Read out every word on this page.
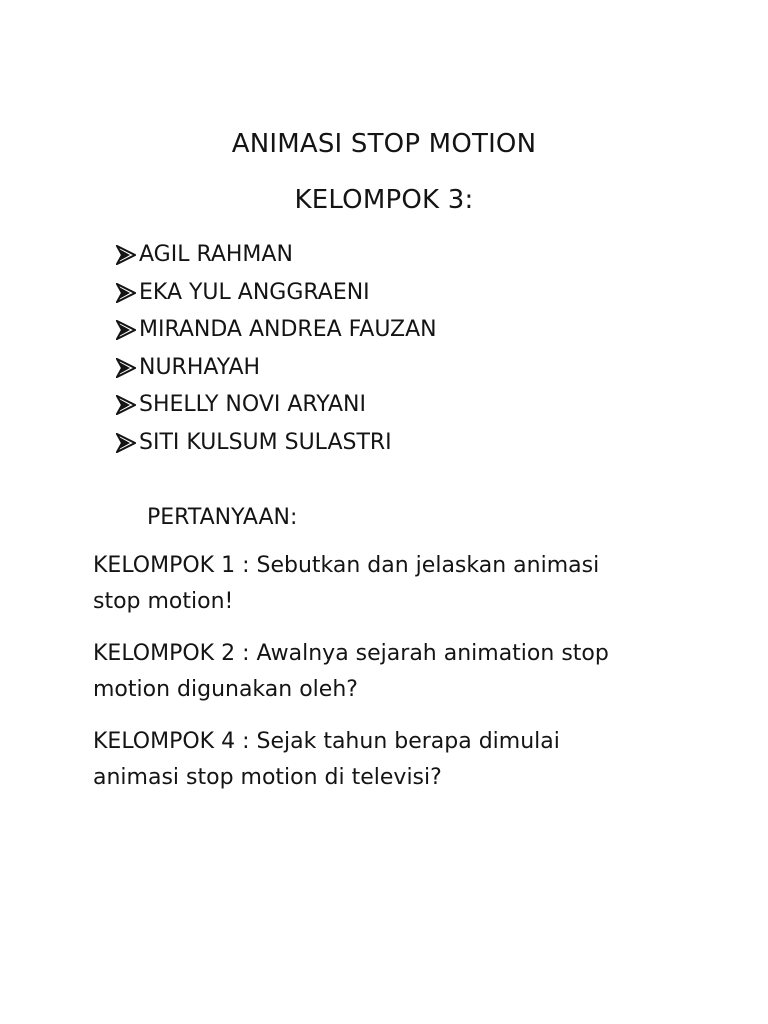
ANIMASI STOP MOTION
KELOMPOK 3:
AGIL RAHMAN
EKA YUL ANGGRAENI
MIRANDA ANDREA FAUZAN
NURHAYAH
SHELLY NOVI ARYANI
SITI KULSUM SULASTRI
PERTANYAAN:
KELOMPOK 1 : Sebutkan dan jelaskan animasi
stop motion!
KELOMPOK 2 : Awalnya sejarah animation stop
motion digunakan oleh?
KELOMPOK 4 : Sejak tahun berapa dimulai
animasi stop motion di televisi?
